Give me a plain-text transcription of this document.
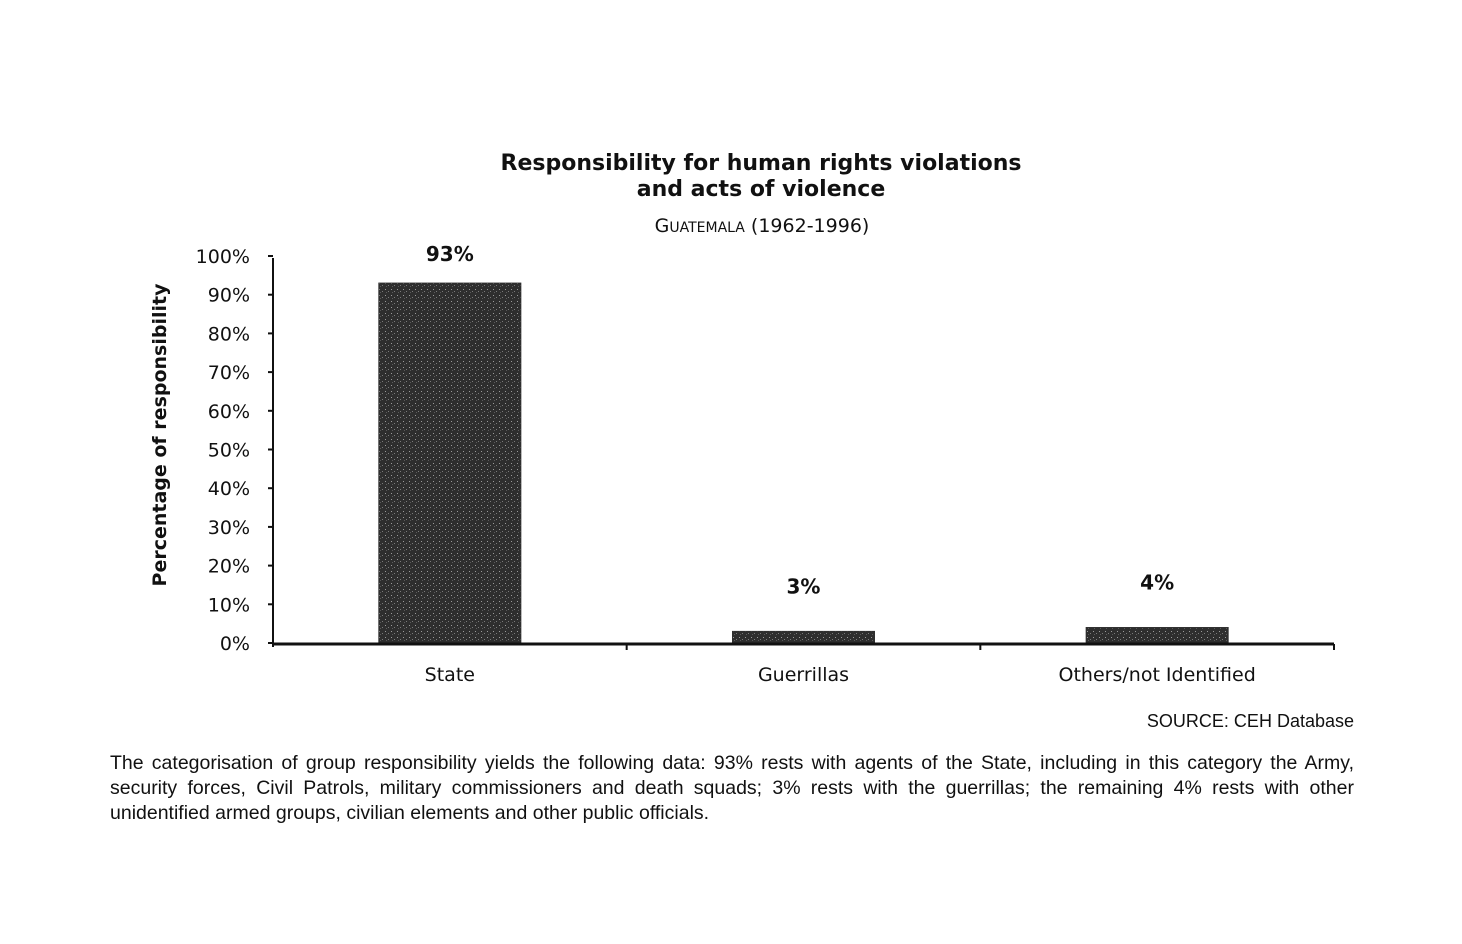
Responsibility for human rights violations
and acts of violence
GUATEMALA (1962-1996)
Percentage of responsibility
0%
10%
20%
30%
40%
50%
60%
70%
80%
90%
100%	93%
3%	4%
State	Guerrillas	Others/not Identified
SOURCE: CEH Database

The categorisation of group responsibility yields the following data: 93% rests with agents of the State, including in this category the Army, security forces, Civil Patrols, military commissioners and death squads; 3% rests with the guerrillas; the remaining 4% rests with other unidentified armed groups, civilian elements and other public officials.
